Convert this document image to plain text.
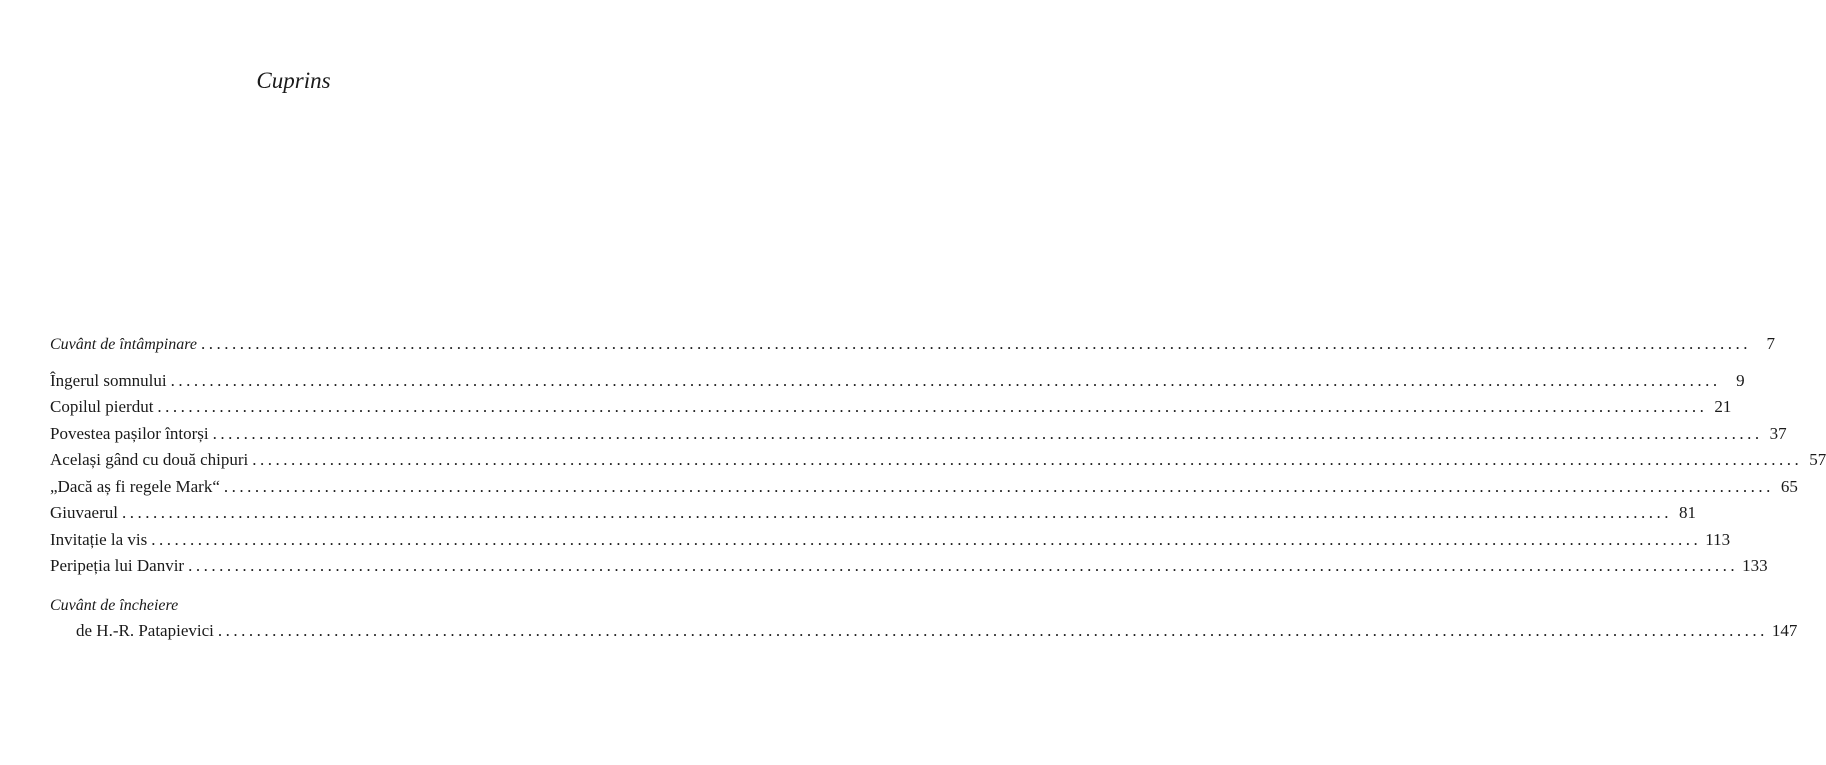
Cuprins
Cuvânt de întâmpinare ........................................................................................................................................................................................................ 7
Îngerul somnului ........................................................................................................................................................................................................ 9
Copilul pierdut ........................................................................................................................................................................................................ 21
Povestea pașilor întorși ........................................................................................................................................................................................................ 37
Același gând cu două chipuri ........................................................................................................................................................................................................ 57
„Dacă aș fi regele Mark“ ........................................................................................................................................................................................................ 65
Giuvaerul ........................................................................................................................................................................................................ 81
Invitație la vis ........................................................................................................................................................................................................ 113
Peripeția lui Danvir ........................................................................................................................................................................................................ 133
Cuvânt de încheiere
de H.-R. Patapievici ........................................................................................................................................................................................................ 147
